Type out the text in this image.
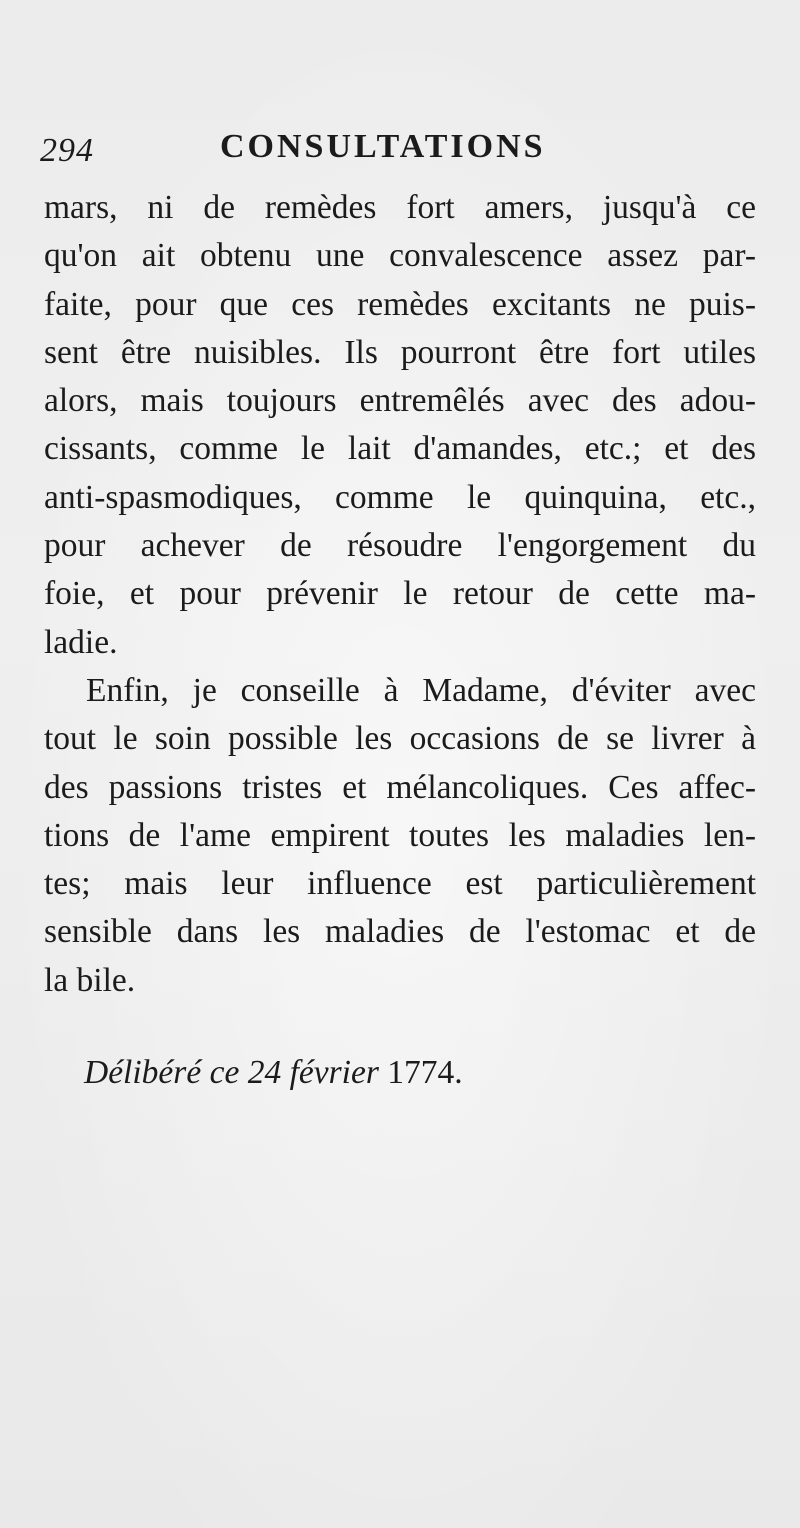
294	CONSULTATIONS
mars, ni de remèdes fort amers, jusqu'à ce
qu'on ait obtenu une convalescence assez par-
faite, pour que ces remèdes excitants ne puis-
sent être nuisibles. Ils pourront être fort utiles
alors, mais toujours entremêlés avec des adou-
cissants, comme le lait d'amandes, etc.; et des
anti-spasmodiques, comme le quinquina, etc.,
pour achever de résoudre l'engorgement du
foie, et pour prévenir le retour de cette ma-
ladie.
Enfin, je conseille à Madame, d'éviter avec
tout le soin possible les occasions de se livrer à
des passions tristes et mélancoliques. Ces affec-
tions de l'ame empirent toutes les maladies len-
tes; mais leur influence est particulièrement
sensible dans les maladies de l'estomac et de
la bile.
Délibéré ce 24 février 1774.
